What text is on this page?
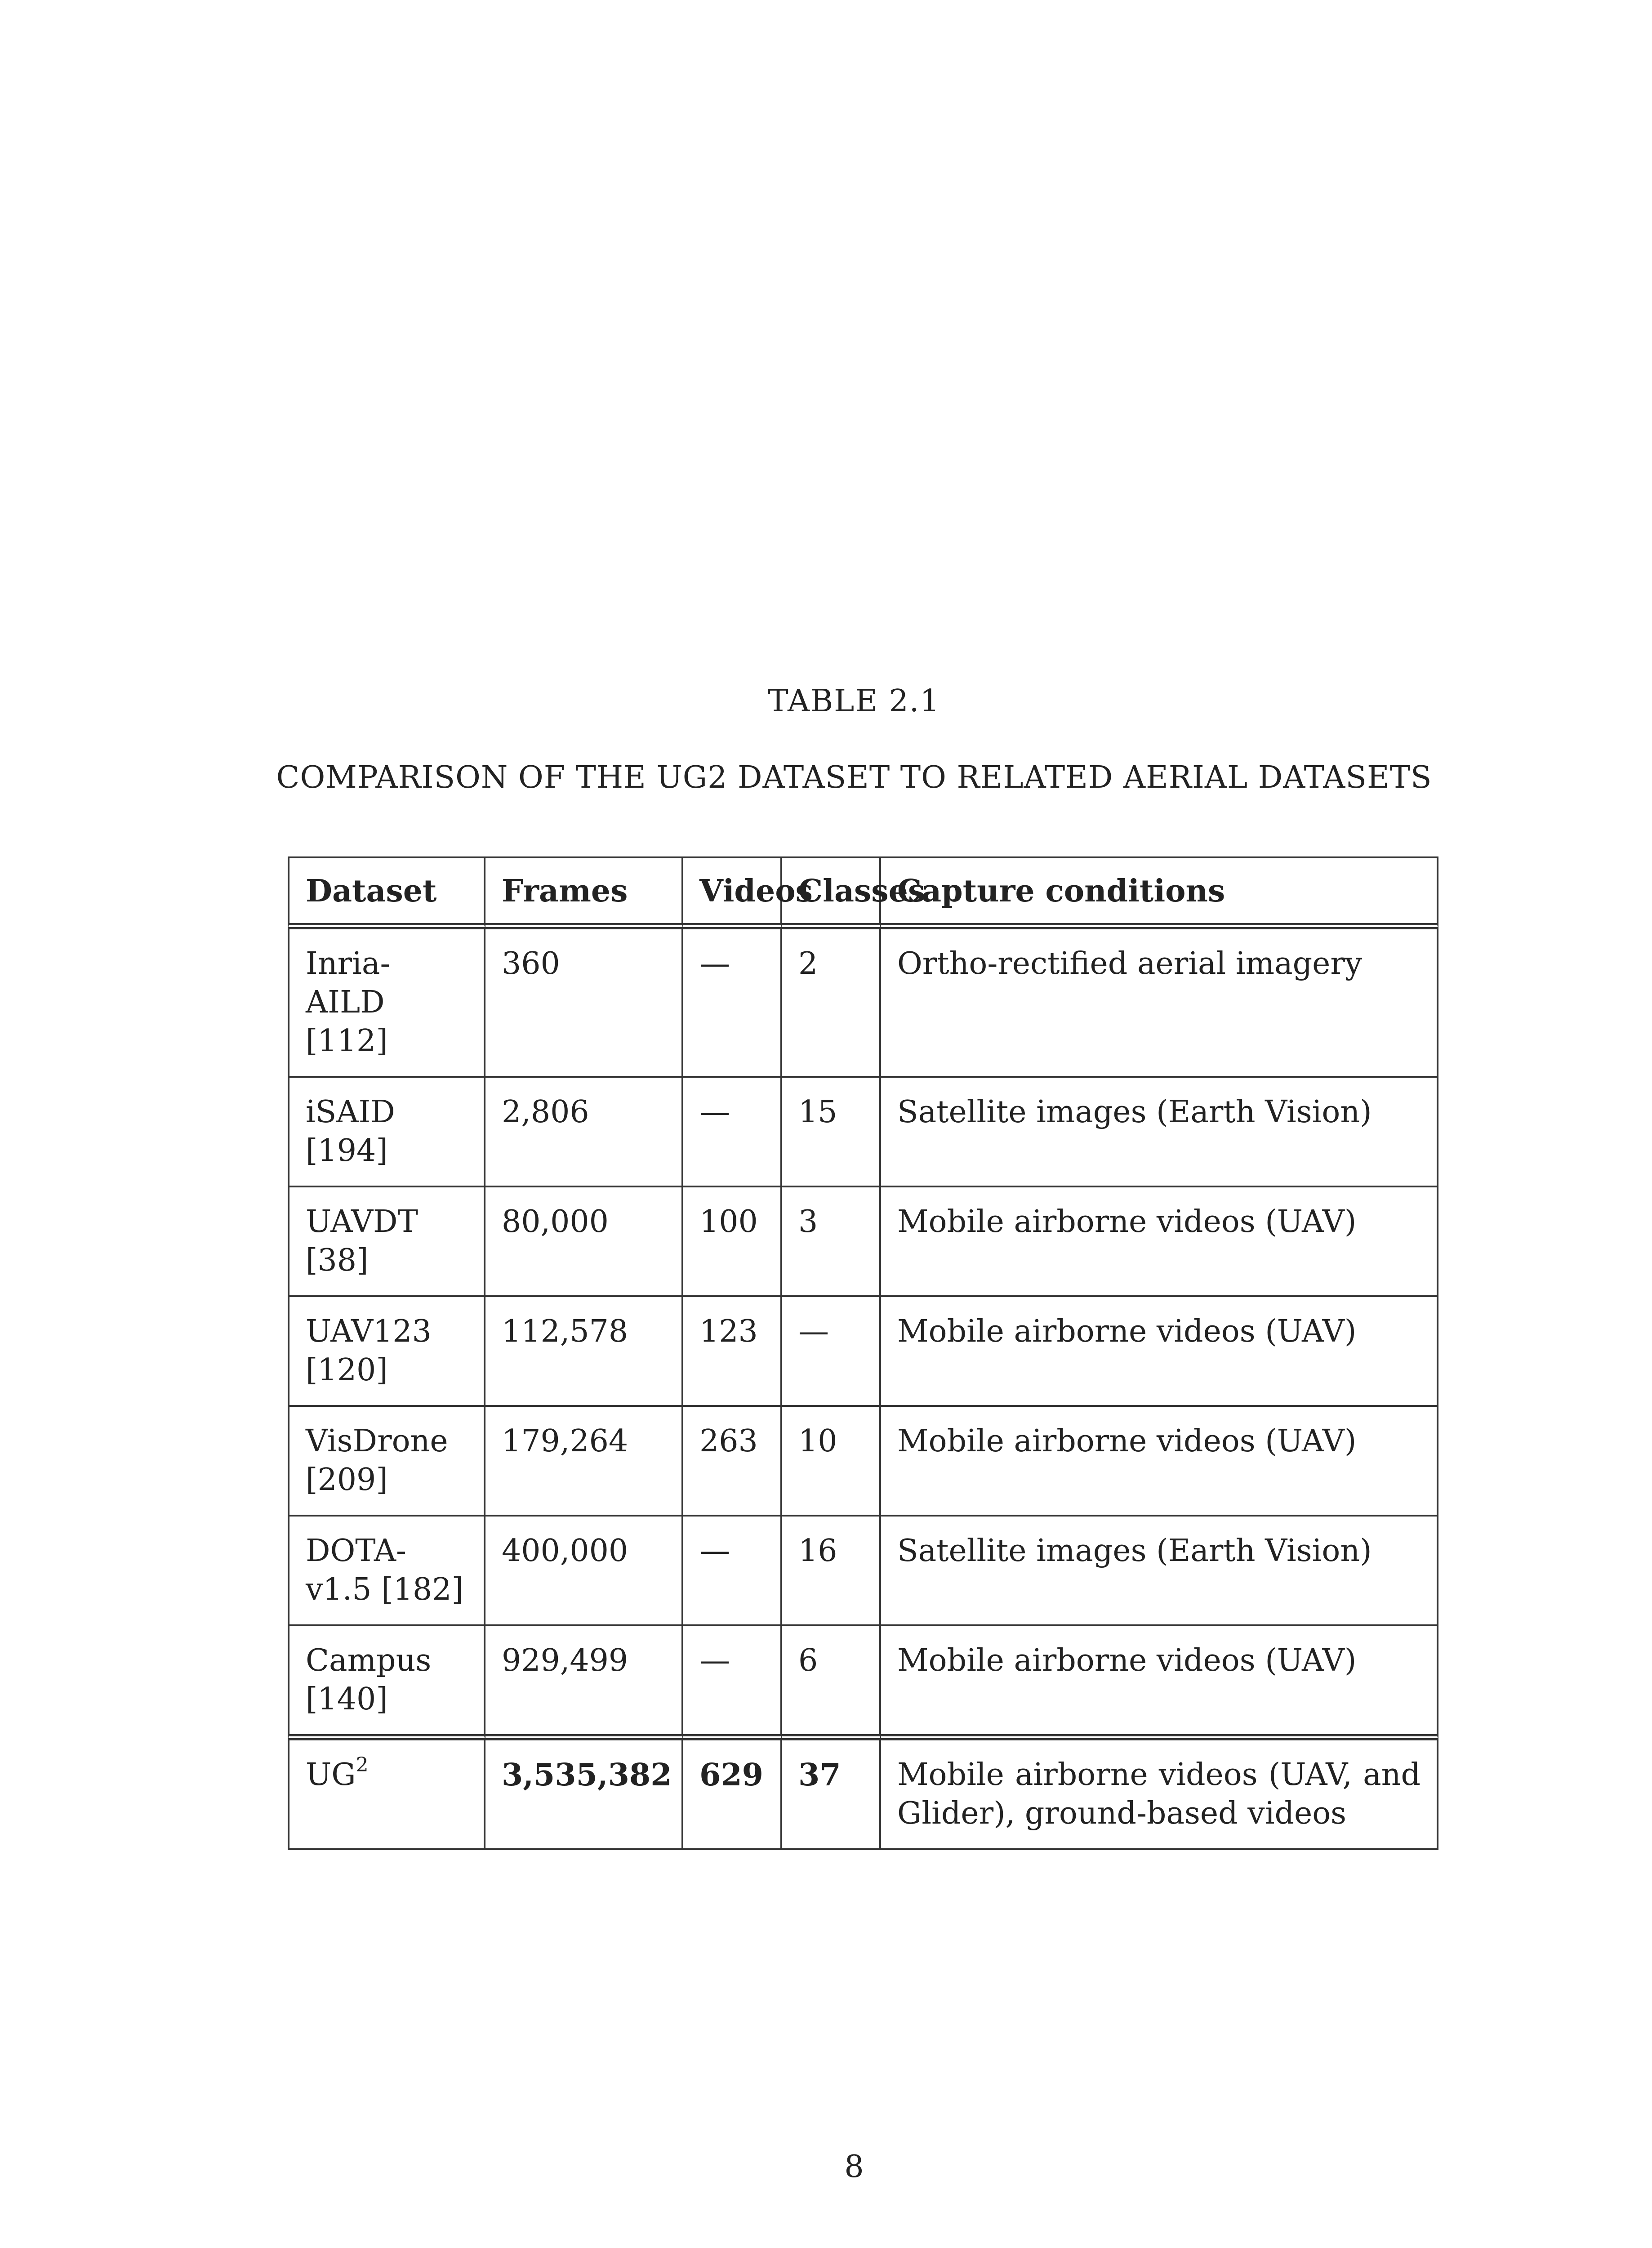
TABLE 2.1
COMPARISON OF THE UG2 DATASET TO RELATED AERIAL DATASETS
Dataset	Frames	Videos	Classes	Capture conditions
Inria-AILD [112]	360	—	2	Ortho-rectified aerial imagery
iSAID [194]	2,806	—	15	Satellite images (Earth Vision)
UAVDT [38]	80,000	100	3	Mobile airborne videos (UAV)
UAV123 [120]	112,578	123	—	Mobile airborne videos (UAV)
VisDrone [209]	179,264	263	10	Mobile airborne videos (UAV)
DOTA-v1.5 [182]	400,000	—	16	Satellite images (Earth Vision)
Campus [140]	929,499	—	6	Mobile airborne videos (UAV)
$UG^2$	3,535,382	629	37	Mobile airborne videos (UAV, and Glider), ground-based videos
8
